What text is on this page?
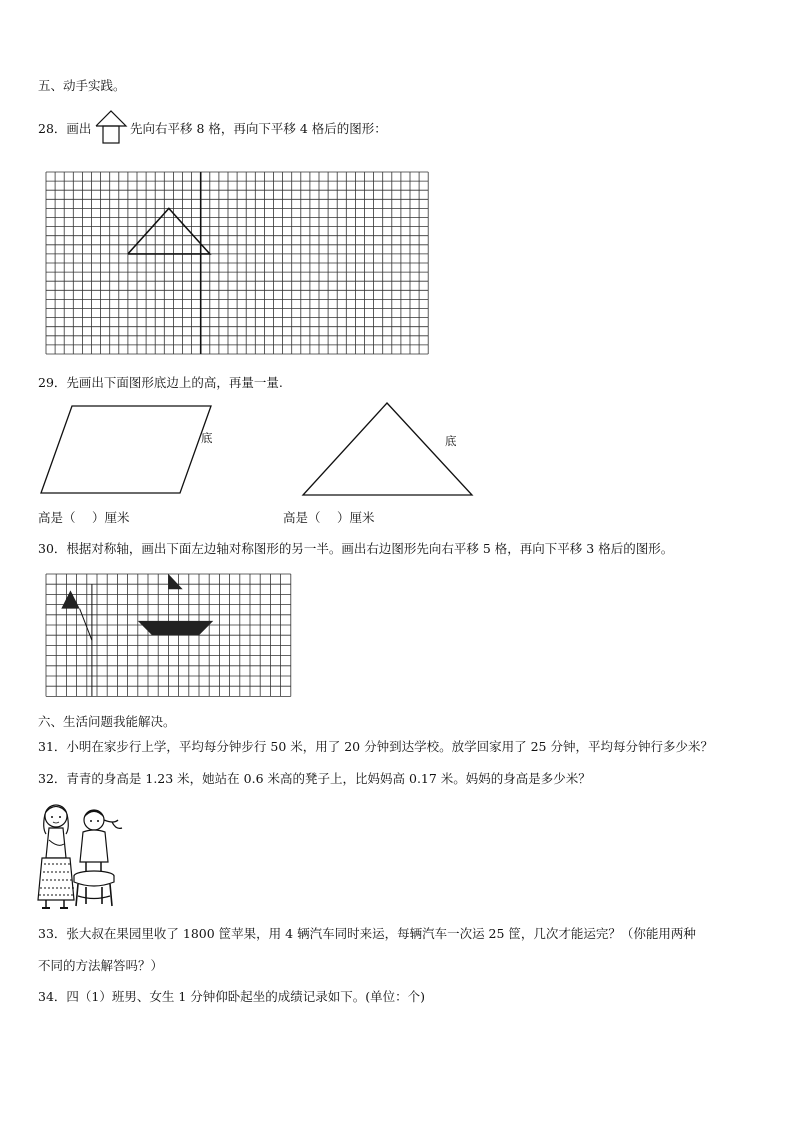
五、动手实践。
28．画出	先向右平移 8 格，再向下平移 4 格后的图形：
29．先画出下面图形底边上的高，再量一量.
底	底
高是（　 ）厘米	高是（　 ）厘米
30．根据对称轴，画出下面左边轴对称图形的另一半。画出右边图形先向右平移 5 格，再向下平移 3 格后的图形。
六、生活问题我能解决。
31．小明在家步行上学，平均每分钟步行 50 米，用了 20 分钟到达学校。放学回家用了 25 分钟，平均每分钟行多少米？
32．青青的身高是 1.23 米，她站在 0.6 米高的凳子上，比妈妈高 0.17 米。妈妈的身高是多少米？
33．张大叔在果园里收了 1800 筐苹果，用 4 辆汽车同时来运，每辆汽车一次运 25 筐，几次才能运完？（你能用两种
不同的方法解答吗？）
34．四（1）班男、女生 1 分钟仰卧起坐的成绩记录如下。(单位：个)
